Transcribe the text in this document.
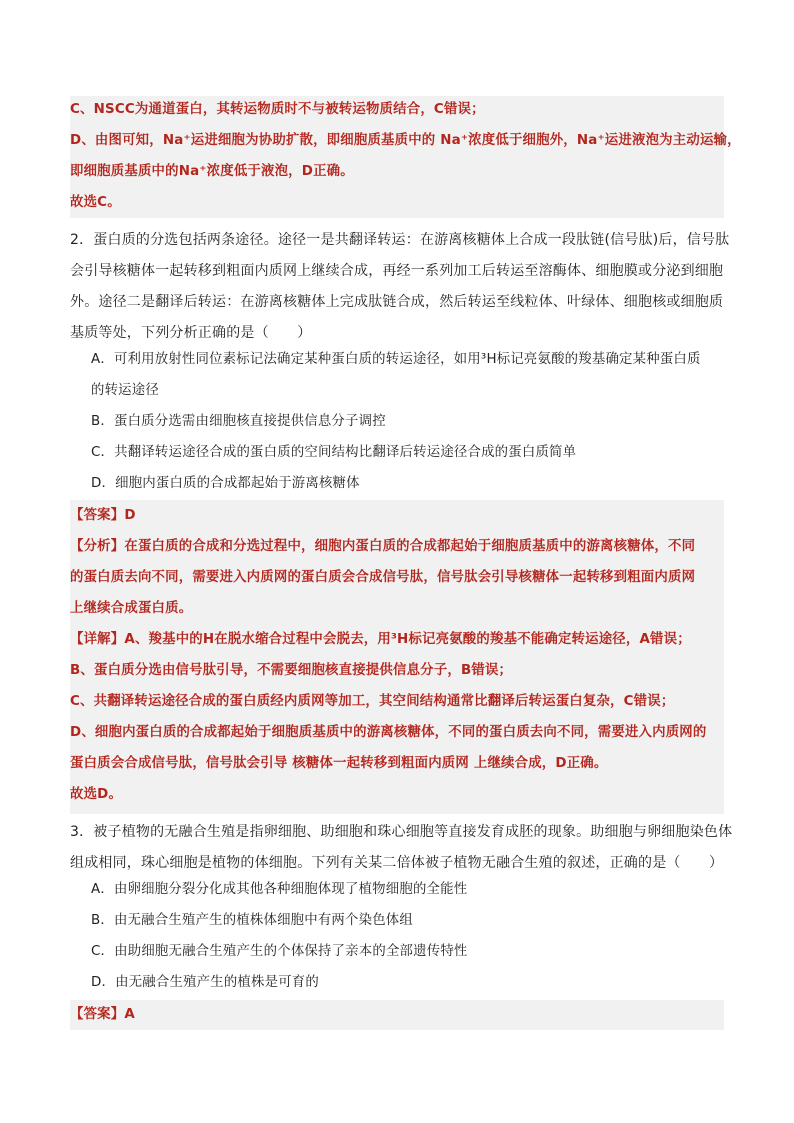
C、NSCC为通道蛋白，其转运物质时不与被转运物质结合，C错误；
D、由图可知，Na⁺运进细胞为协助扩散，即细胞质基质中的 Na⁺浓度低于细胞外，Na⁺运进液泡为主动运输，
即细胞质基质中的Na⁺浓度低于液泡，D正确。
故选C。
2．蛋白质的分选包括两条途径。途径一是共翻译转运：在游离核糖体上合成一段肽链(信号肽)后，信号肽
会引导核糖体一起转移到粗面内质网上继续合成，再经一系列加工后转运至溶酶体、细胞膜或分泌到细胞
外。途径二是翻译后转运：在游离核糖体上完成肽链合成，然后转运至线粒体、叶绿体、细胞核或细胞质
基质等处，下列分析正确的是（　　）
A．可利用放射性同位素标记法确定某种蛋白质的转运途径，如用³H标记亮氨酸的羧基确定某种蛋白质
的转运途径
B．蛋白质分选需由细胞核直接提供信息分子调控
C．共翻译转运途径合成的蛋白质的空间结构比翻译后转运途径合成的蛋白质简单
D．细胞内蛋白质的合成都起始于游离核糖体
【答案】D
【分析】在蛋白质的合成和分选过程中，细胞内蛋白质的合成都起始于细胞质基质中的游离核糖体，不同
的蛋白质去向不同，需要进入内质网的蛋白质会合成信号肽，信号肽会引导核糖体一起转移到粗面内质网
上继续合成蛋白质。
【详解】A、羧基中的H在脱水缩合过程中会脱去，用³H标记亮氨酸的羧基不能确定转运途径，A错误；
B、蛋白质分选由信号肽引导，不需要细胞核直接提供信息分子，B错误；
C、共翻译转运途径合成的蛋白质经内质网等加工，其空间结构通常比翻译后转运蛋白复杂，C错误；
D、细胞内蛋白质的合成都起始于细胞质基质中的游离核糖体，不同的蛋白质去向不同，需要进入内质网的
蛋白质会合成信号肽，信号肽会引导 核糖体一起转移到粗面内质网 上继续合成，D正确。
故选D。
3．被子植物的无融合生殖是指卵细胞、助细胞和珠心细胞等直接发育成胚的现象。助细胞与卵细胞染色体
组成相同，珠心细胞是植物的体细胞。下列有关某二倍体被子植物无融合生殖的叙述，正确的是（　　）
A．由卵细胞分裂分化成其他各种细胞体现了植物细胞的全能性
B．由无融合生殖产生的植株体细胞中有两个染色体组
C．由助细胞无融合生殖产生的个体保持了亲本的全部遗传特性
D．由无融合生殖产生的植株是可育的
【答案】A
